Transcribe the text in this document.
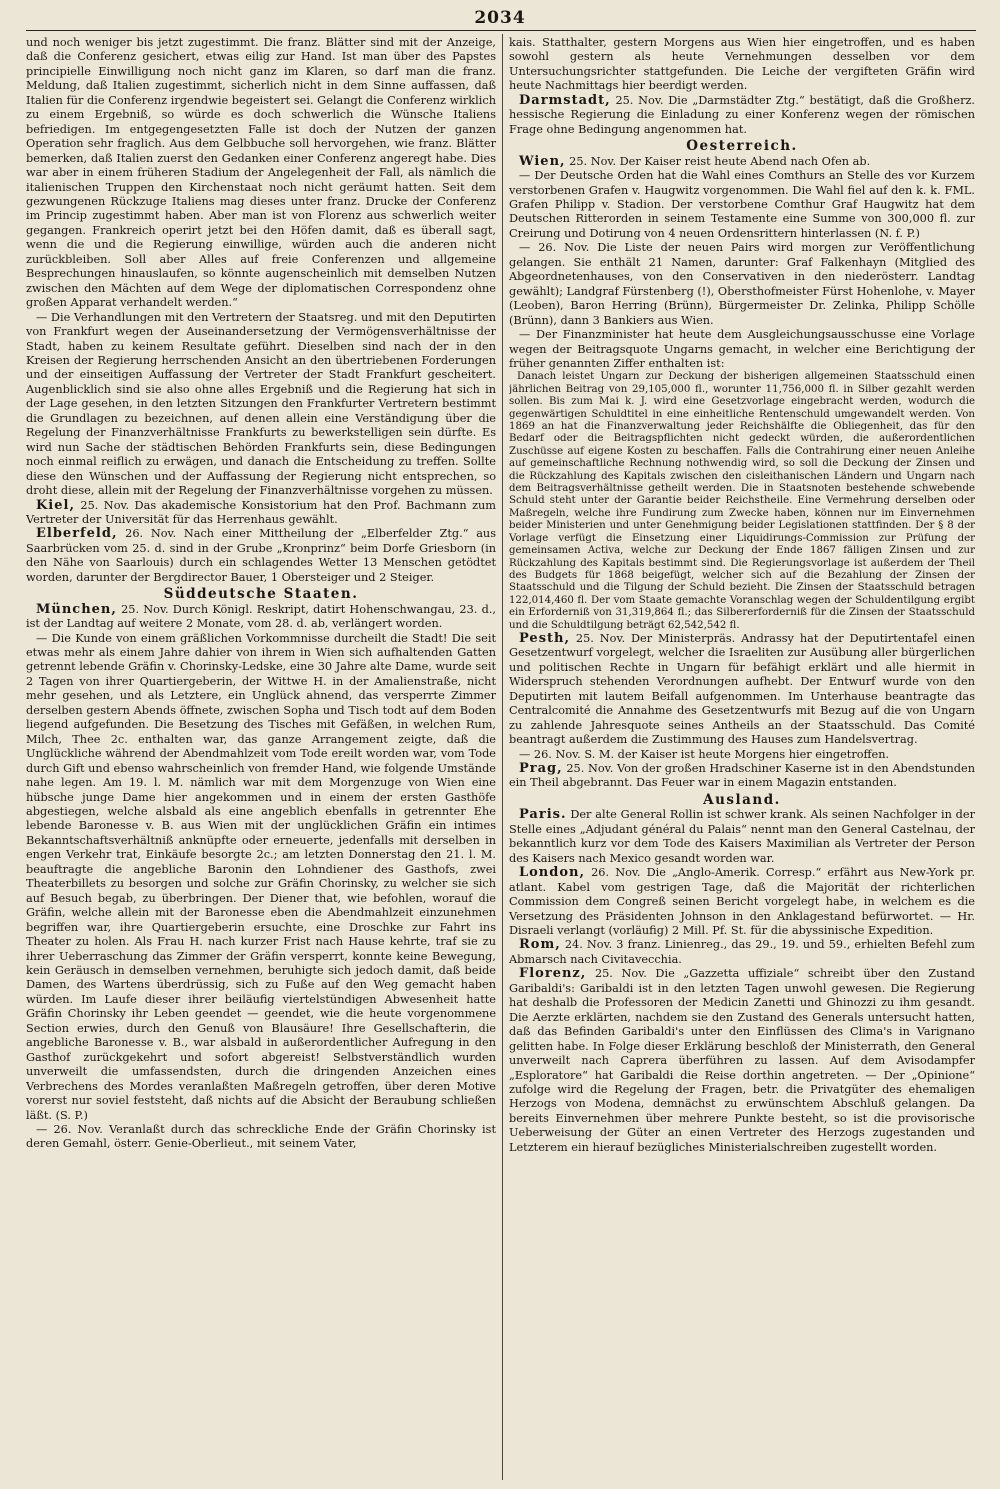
2034

und noch weniger bis jetzt zugestimmt. Die franz. Blätter sind mit der Anzeige, daß die Conferenz gesichert, etwas eilig zur Hand. Ist man über des Papstes principielle Einwilligung noch nicht ganz im Klaren, so darf man die franz. Meldung, daß Italien zugestimmt, sicherlich nicht in dem Sinne auffassen, daß Italien für die Conferenz irgendwie begeistert sei. Gelangt die Conferenz wirklich zu einem Ergebniß, so würde es doch schwerlich die Wünsche Italiens befriedigen. Im entgegengesetzten Falle ist doch der Nutzen der ganzen Operation sehr fraglich. Aus dem Gelbbuche soll hervorgehen, wie franz. Blätter bemerken, daß Italien zuerst den Gedanken einer Conferenz angeregt habe. Dies war aber in einem früheren Stadium der Angelegenheit der Fall, als nämlich die italienischen Truppen den Kirchenstaat noch nicht geräumt hatten. Seit dem gezwungenen Rückzuge Italiens mag dieses unter franz. Drucke der Conferenz im Princip zugestimmt haben. Aber man ist von Florenz aus schwerlich weiter gegangen. Frankreich operirt jetzt bei den Höfen damit, daß es überall sagt, wenn die und die Regierung einwillige, würden auch die anderen nicht zurückbleiben. Soll aber Alles auf freie Conferenzen und allgemeine Besprechungen hinauslaufen, so könnte augenscheinlich mit demselben Nutzen zwischen den Mächten auf dem Wege der diplomatischen Correspondenz ohne großen Apparat verhandelt werden.“

— Die Verhandlungen mit den Vertretern der Staatsreg. und mit den Deputirten von Frankfurt wegen der Auseinandersetzung der Vermögensverhältnisse der Stadt, haben zu keinem Resultate geführt. Dieselben sind nach der in den Kreisen der Regierung herrschenden Ansicht an den übertriebenen Forderungen und der einseitigen Auffassung der Vertreter der Stadt Frankfurt gescheitert. Augenblicklich sind sie also ohne alles Ergebniß und die Regierung hat sich in der Lage gesehen, in den letzten Sitzungen den Frankfurter Vertretern bestimmt die Grundlagen zu bezeichnen, auf denen allein eine Verständigung über die Regelung der Finanzverhältnisse Frankfurts zu bewerkstelligen sein dürfte. Es wird nun Sache der städtischen Behörden Frankfurts sein, diese Bedingungen noch einmal reiflich zu erwägen, und danach die Entscheidung zu treffen. Sollte diese den Wünschen und der Auffassung der Regierung nicht entsprechen, so droht diese, allein mit der Regelung der Finanzverhältnisse vorgehen zu müssen.

Kiel, 25. Nov. Das akademische Konsistorium hat den Prof. Bachmann zum Vertreter der Universität für das Herrenhaus gewählt.

Elberfeld, 26. Nov. Nach einer Mittheilung der „Elberfelder Ztg.“ aus Saarbrücken vom 25. d. sind in der Grube „Kronprinz“ beim Dorfe Griesborn (in den Nähe von Saarlouis) durch ein schlagendes Wetter 13 Menschen getödtet worden, darunter der Bergdirector Bauer, 1 Obersteiger und 2 Steiger.

Süddeutsche Staaten.

München, 25. Nov. Durch Königl. Reskript, datirt Hohenschwangau, 23. d., ist der Landtag auf weitere 2 Monate, vom 28. d. ab, verlängert worden.

— Die Kunde von einem gräßlichen Vorkommnisse durcheilt die Stadt! Die seit etwas mehr als einem Jahre dahier von ihrem in Wien sich aufhaltenden Gatten getrennt lebende Gräfin v. Chorinsky-Ledske, eine 30 Jahre alte Dame, wurde seit 2 Tagen von ihrer Quartiergeberin, der Wittwe H. in der Amalienstraße, nicht mehr gesehen, und als Letztere, ein Unglück ahnend, das versperrte Zimmer derselben gestern Abends öffnete, zwischen Sopha und Tisch todt auf dem Boden liegend aufgefunden. Die Besetzung des Tisches mit Gefäßen, in welchen Rum, Milch, Thee 2c. enthalten war, das ganze Arrangement zeigte, daß die Unglückliche während der Abendmahlzeit vom Tode ereilt worden war, vom Tode durch Gift und ebenso wahrscheinlich von fremder Hand, wie folgende Umstände nahe legen. Am 19. l. M. nämlich war mit dem Morgenzuge von Wien eine hübsche junge Dame hier angekommen und in einem der ersten Gasthöfe abgestiegen, welche alsbald als eine angeblich ebenfalls in getrennter Ehe lebende Baronesse v. B. aus Wien mit der unglücklichen Gräfin ein intimes Bekanntschaftsverhältniß anknüpfte oder erneuerte, jedenfalls mit derselben in engen Verkehr trat, Einkäufe besorgte 2c.; am letzten Donnerstag den 21. l. M. beauftragte die angebliche Baronin den Lohndiener des Gasthofs, zwei Theaterbillets zu besorgen und solche zur Gräfin Chorinsky, zu welcher sie sich auf Besuch begab, zu überbringen. Der Diener that, wie befohlen, worauf die Gräfin, welche allein mit der Baronesse eben die Abendmahlzeit einzunehmen begriffen war, ihre Quartiergeberin ersuchte, eine Droschke zur Fahrt ins Theater zu holen. Als Frau H. nach kurzer Frist nach Hause kehrte, traf sie zu ihrer Ueberraschung das Zimmer der Gräfin versperrt, konnte keine Bewegung, kein Geräusch in demselben vernehmen, beruhigte sich jedoch damit, daß beide Damen, des Wartens überdrüssig, sich zu Fuße auf den Weg gemacht haben würden. Im Laufe dieser ihrer beiläufig viertelstündigen Abwesenheit hatte Gräfin Chorinsky ihr Leben geendet — geendet, wie die heute vorgenommene Section erwies, durch den Genuß von Blausäure! Ihre Gesellschafterin, die angebliche Baronesse v. B., war alsbald in außerordentlicher Aufregung in den Gasthof zurückgekehrt und sofort abgereist! Selbstverständlich wurden unverweilt die umfassendsten, durch die dringenden Anzeichen eines Verbrechens des Mordes veranlaßten Maßregeln getroffen, über deren Motive vorerst nur soviel feststeht, daß nichts auf die Absicht der Beraubung schließen läßt. (S. P.)

— 26. Nov. Veranlaßt durch das schreckliche Ende der Gräfin Chorinsky ist deren Gemahl, österr. Genie-Oberlieut., mit seinem Vater,

kais. Statthalter, gestern Morgens aus Wien hier eingetroffen, und es haben sowohl gestern als heute Vernehmungen desselben vor dem Untersuchungsrichter stattgefunden. Die Leiche der vergifteten Gräfin wird heute Nachmittags hier beerdigt werden.

Darmstadt, 25. Nov. Die „Darmstädter Ztg.“ bestätigt, daß die Großherz. hessische Regierung die Einladung zu einer Konferenz wegen der römischen Frage ohne Bedingung angenommen hat.

Oesterreich.

Wien, 25. Nov. Der Kaiser reist heute Abend nach Ofen ab.

— Der Deutsche Orden hat die Wahl eines Comthurs an Stelle des vor Kurzem verstorbenen Grafen v. Haugwitz vorgenommen. Die Wahl fiel auf den k. k. FML. Grafen Philipp v. Stadion. Der verstorbene Comthur Graf Haugwitz hat dem Deutschen Ritterorden in seinem Testamente eine Summe von 300,000 fl. zur Creirung und Dotirung von 4 neuen Ordensrittern hinterlassen (N. f. P.)

— 26. Nov. Die Liste der neuen Pairs wird morgen zur Veröffentlichung gelangen. Sie enthält 21 Namen, darunter: Graf Falkenhayn (Mitglied des Abgeordnetenhauses, von den Conservativen in den niederösterr. Landtag gewählt); Landgraf Fürstenberg (!), Obersthofmeister Fürst Hohenlohe, v. Mayer (Leoben), Baron Herring (Brünn), Bürgermeister Dr. Zelinka, Philipp Schölle (Brünn), dann 3 Bankiers aus Wien.

— Der Finanzminister hat heute dem Ausgleichungsausschusse eine Vorlage wegen der Beitragsquote Ungarns gemacht, in welcher eine Berichtigung der früher genannten Ziffer enthalten ist:

Danach leistet Ungarn zur Deckung der bisherigen allgemeinen Staatsschuld einen jährlichen Beitrag von 29,105,000 fl., worunter 11,756,000 fl. in Silber gezahlt werden sollen. Bis zum Mai k. J. wird eine Gesetzvorlage eingebracht werden, wodurch die gegenwärtigen Schuldtitel in eine einheitliche Rentenschuld umgewandelt werden. Von 1869 an hat die Finanzverwaltung jeder Reichshälfte die Obliegenheit, das für den Bedarf oder die Beitragspflichten nicht gedeckt würden, die außerordentlichen Zuschüsse auf eigene Kosten zu beschaffen. Falls die Contrahirung einer neuen Anleihe auf gemeinschaftliche Rechnung nothwendig wird, so soll die Deckung der Zinsen und die Rückzahlung des Kapitals zwischen den cisleithanischen Ländern und Ungarn nach dem Beitragsverhältnisse getheilt werden. Die in Staatsnoten bestehende schwebende Schuld steht unter der Garantie beider Reichstheile. Eine Vermehrung derselben oder Maßregeln, welche ihre Fundirung zum Zwecke haben, können nur im Einvernehmen beider Ministerien und unter Genehmigung beider Legislationen stattfinden. Der § 8 der Vorlage verfügt die Einsetzung einer Liquidirungs-Commission zur Prüfung der gemeinsamen Activa, welche zur Deckung der Ende 1867 fälligen Zinsen und zur Rückzahlung des Kapitals bestimmt sind. Die Regierungsvorlage ist außerdem der Theil des Budgets für 1868 beigefügt, welcher sich auf die Bezahlung der Zinsen der Staatsschuld und die Tilgung der Schuld bezieht. Die Zinsen der Staatsschuld betragen 122,014,460 fl. Der vom Staate gemachte Voranschlag wegen der Schuldentilgung ergibt ein Erforderniß von 31,319,864 fl.; das Silbererforderniß für die Zinsen der Staatsschuld und die Schuldtilgung beträgt 62,542,542 fl.

Pesth, 25. Nov. Der Ministerpräs. Andrassy hat der Deputirtentafel einen Gesetzentwurf vorgelegt, welcher die Israeliten zur Ausübung aller bürgerlichen und politischen Rechte in Ungarn für befähigt erklärt und alle hiermit in Widerspruch stehenden Verordnungen aufhebt. Der Entwurf wurde von den Deputirten mit lautem Beifall aufgenommen. Im Unterhause beantragte das Centralcomité die Annahme des Gesetzentwurfs mit Bezug auf die von Ungarn zu zahlende Jahresquote seines Antheils an der Staatsschuld. Das Comité beantragt außerdem die Zustimmung des Hauses zum Handelsvertrag.

— 26. Nov. S. M. der Kaiser ist heute Morgens hier eingetroffen.

Prag, 25. Nov. Von der großen Hradschiner Kaserne ist in den Abendstunden ein Theil abgebrannt. Das Feuer war in einem Magazin entstanden.

Ausland.

Paris. Der alte General Rollin ist schwer krank. Als seinen Nachfolger in der Stelle eines „Adjudant général du Palais“ nennt man den General Castelnau, der bekanntlich kurz vor dem Tode des Kaisers Maximilian als Vertreter der Person des Kaisers nach Mexico gesandt worden war.

London, 26. Nov. Die „Anglo-Amerik. Corresp.“ erfährt aus New-York pr. atlant. Kabel vom gestrigen Tage, daß die Majorität der richterlichen Commission dem Congreß seinen Bericht vorgelegt habe, in welchem es die Versetzung des Präsidenten Johnson in den Anklagestand befürwortet. — Hr. Disraeli verlangt (vorläufig) 2 Mill. Pf. St. für die abyssinische Expedition.

Rom, 24. Nov. 3 franz. Linienreg., das 29., 19. und 59., erhielten Befehl zum Abmarsch nach Civitavecchia.

Florenz, 25. Nov. Die „Gazzetta uffiziale“ schreibt über den Zustand Garibaldi's: Garibaldi ist in den letzten Tagen unwohl gewesen. Die Regierung hat deshalb die Professoren der Medicin Zanetti und Ghinozzi zu ihm gesandt. Die Aerzte erklärten, nachdem sie den Zustand des Generals untersucht hatten, daß das Befinden Garibaldi's unter den Einflüssen des Clima's in Varignano gelitten habe. In Folge dieser Erklärung beschloß der Ministerrath, den General unverweilt nach Caprera überführen zu lassen. Auf dem Avisodampfer „Esploratore“ hat Garibaldi die Reise dorthin angetreten. — Der „Opinione“ zufolge wird die Regelung der Fragen, betr. die Privatgüter des ehemaligen Herzogs von Modena, demnächst zu erwünschtem Abschluß gelangen. Da bereits Einvernehmen über mehrere Punkte besteht, so ist die provisorische Ueberweisung der Güter an einen Vertreter des Herzogs zugestanden und Letzterem ein hierauf bezügliches Ministerialschreiben zugestellt worden.
